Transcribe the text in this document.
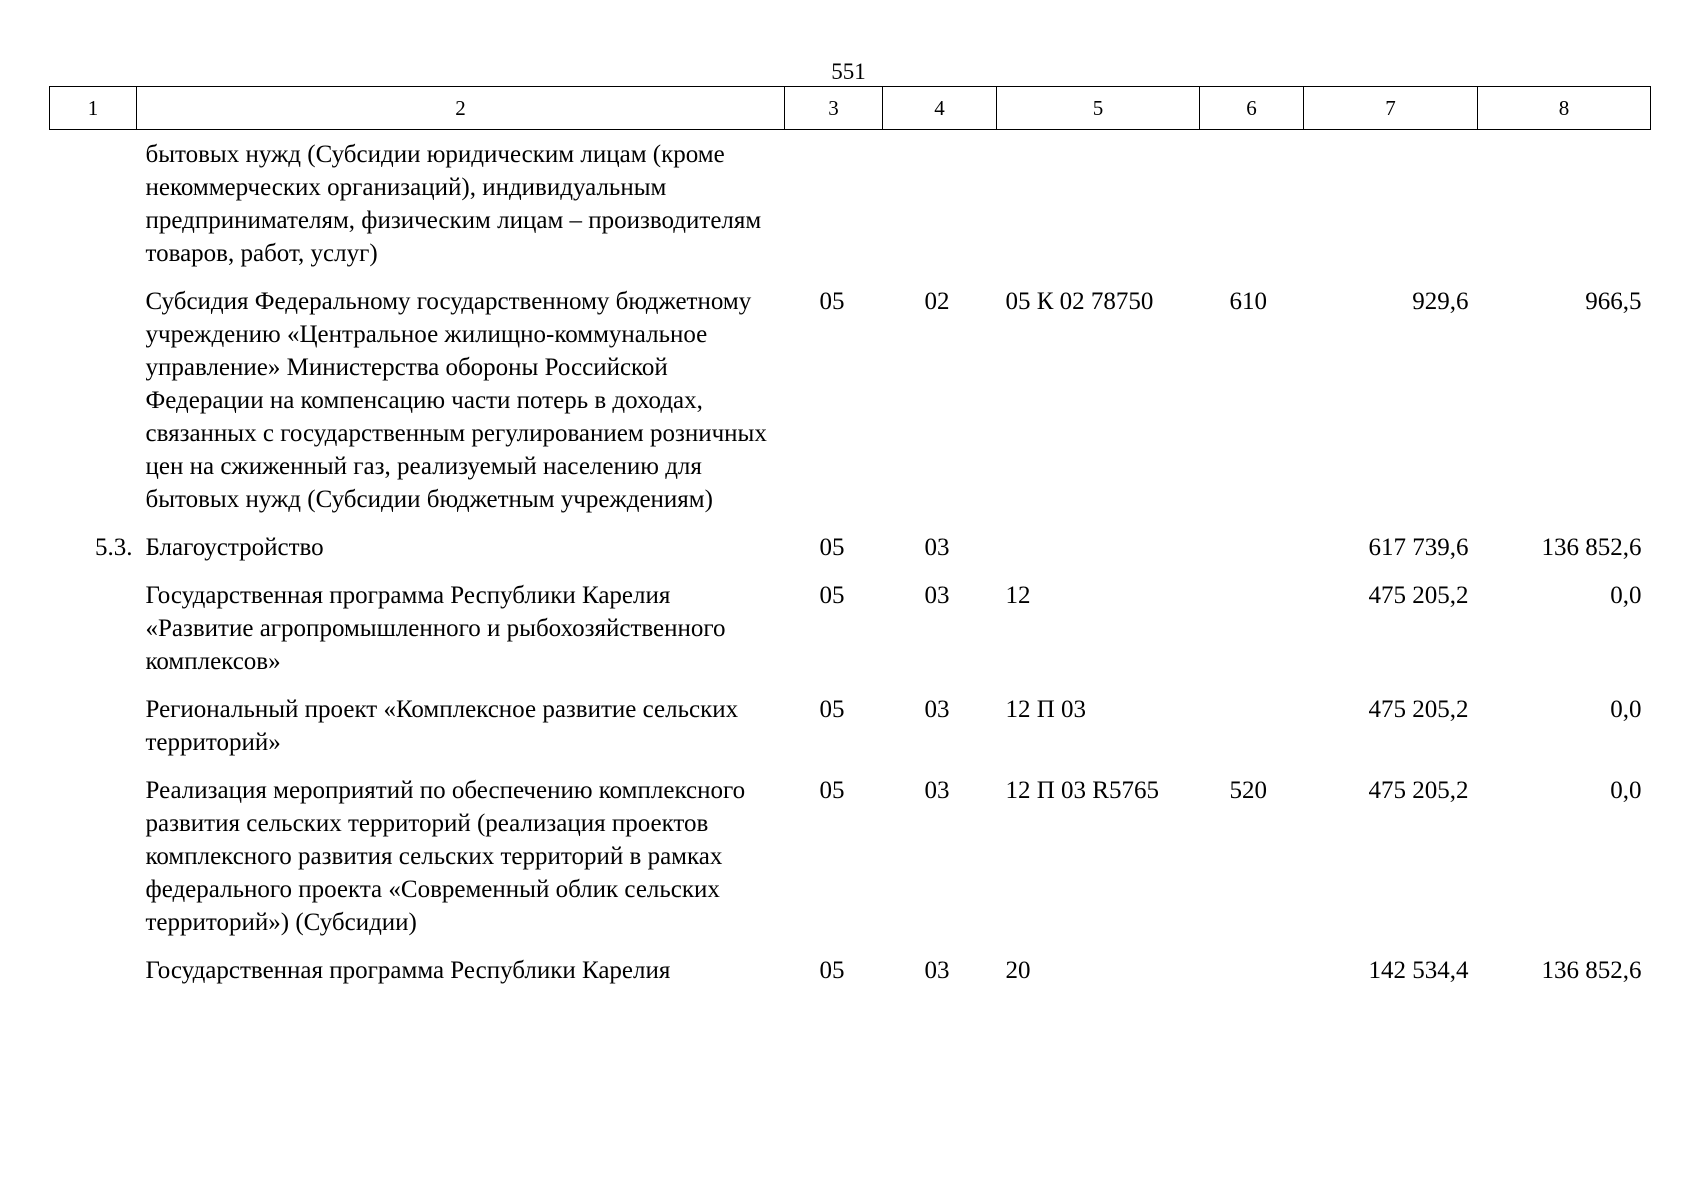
551
1	2	3	4	5	6	7	8
	бытовых нужд (Субсидии юридическим лицам (кроме некоммерческих организаций), индивидуальным предпринимателям, физическим лицам – производителям товаров, работ, услуг)						
	Субсидия Федеральному государственному бюджетному учреждению «Центральное жилищно-коммунальное управление» Министерства обороны Российской Федерации на компенсацию части потерь в доходах, связанных с государственным регулированием розничных цен на сжиженный газ, реализуемый населению для бытовых нужд (Субсидии бюджетным учреждениям)	05	02	05 К 02 78750	610	929,6	966,5
5.3.	Благоустройство	05	03			617 739,6	136 852,6
	Государственная программа Республики Карелия «Развитие агропромышленного и рыбохозяйственного комплексов»	05	03	12		475 205,2	0,0
	Региональный проект «Комплексное развитие сельских территорий»	05	03	12 П 03		475 205,2	0,0
	Реализация мероприятий по обеспечению комплексного развития сельских территорий (реализация проектов комплексного развития сельских территорий в рамках федерального проекта «Современный облик сельских территорий») (Субсидии)	05	03	12 П 03 R5765	520	475 205,2	0,0
	Государственная программа Республики Карелия	05	03	20		142 534,4	136 852,6
